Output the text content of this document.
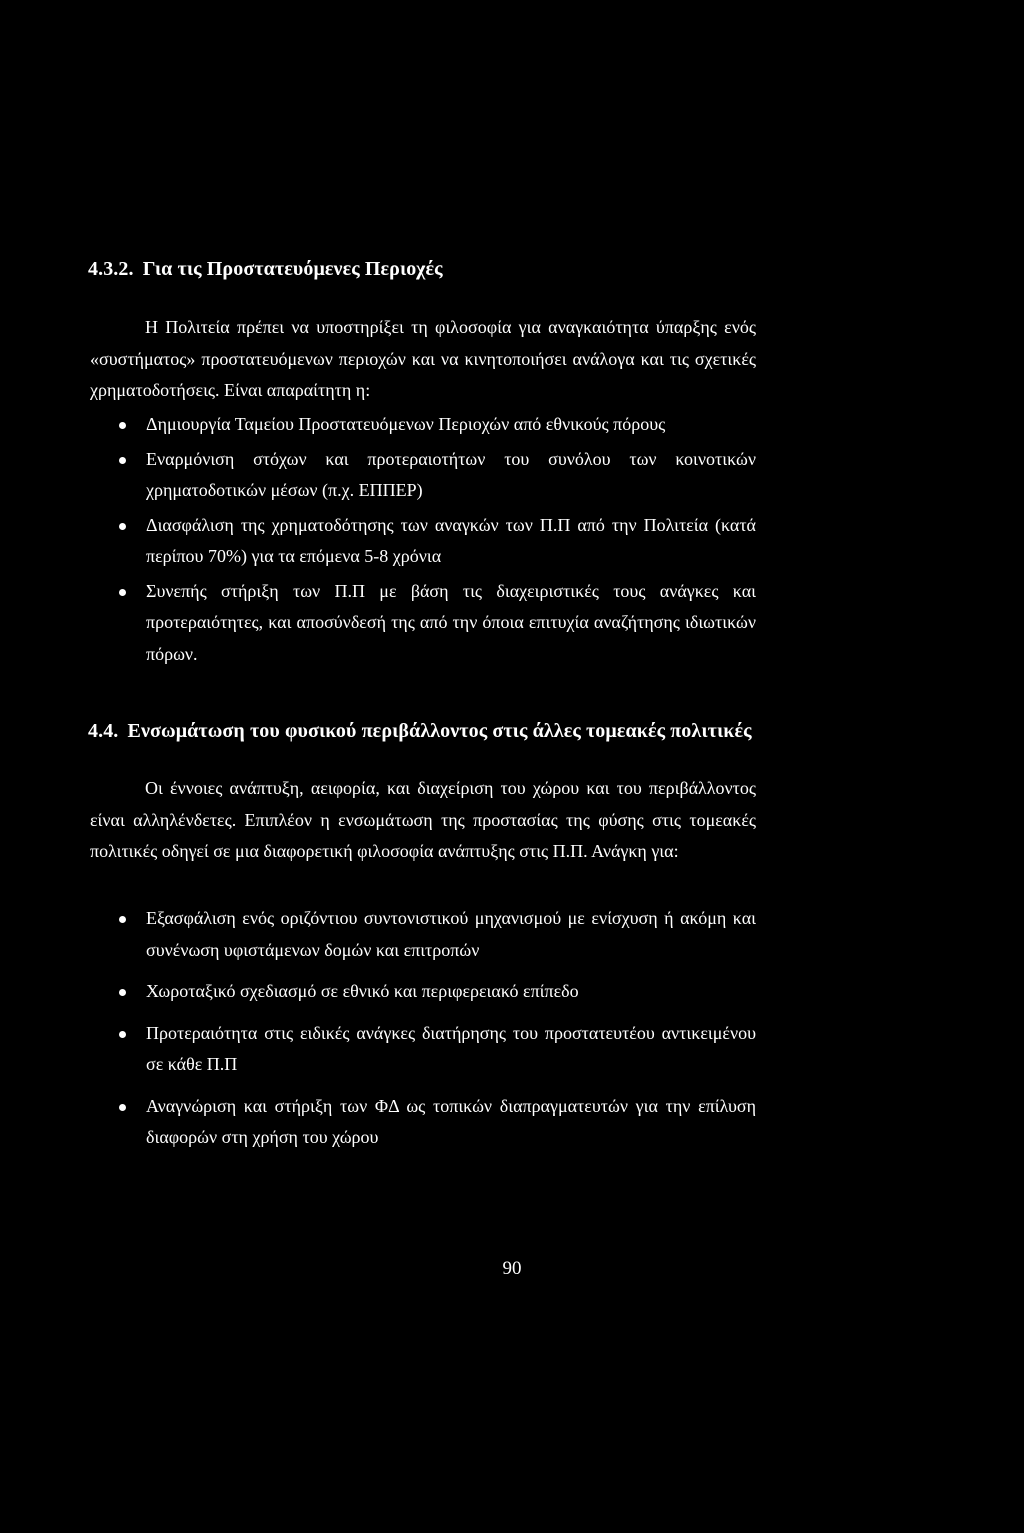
4.3.2. Για τις Προστατευόμενες Περιοχές
Η Πολιτεία πρέπει να υποστηρίξει τη φιλοσοφία για αναγκαιότητα ύπαρξης ενός «συστήματος» προστατευόμενων περιοχών και να κινητοποιήσει ανάλογα και τις σχετικές χρηματοδοτήσεις. Είναι απαραίτητη η:
Δημιουργία Ταμείου Προστατευόμενων Περιοχών από εθνικούς πόρους
Εναρμόνιση στόχων και προτεραιοτήτων του συνόλου των κοινοτικών χρηματοδοτικών μέσων (π.χ. ΕΠΠΕΡ)
Διασφάλιση της χρηματοδότησης των αναγκών των Π.Π από την Πολιτεία (κατά περίπου 70%) για τα επόμενα 5-8 χρόνια
Συνεπής στήριξη των Π.Π με βάση τις διαχειριστικές τους ανάγκες και προτεραιότητες, και αποσύνδεσή της από την όποια επιτυχία αναζήτησης ιδιωτικών πόρων.
4.4. Ενσωμάτωση του φυσικού περιβάλλοντος στις άλλες τομεακές πολιτικές
Οι έννοιες ανάπτυξη, αειφορία, και διαχείριση του χώρου και του περιβάλλοντος είναι αλληλένδετες. Επιπλέον η ενσωμάτωση της προστασίας της φύσης στις τομεακές πολιτικές οδηγεί σε μια διαφορετική φιλοσοφία ανάπτυξης στις Π.Π. Ανάγκη για:
Εξασφάλιση ενός οριζόντιου συντονιστικού μηχανισμού με ενίσχυση ή ακόμη και συνένωση υφιστάμενων δομών και επιτροπών
Χωροταξικό σχεδιασμό σε εθνικό και περιφερειακό επίπεδο
Προτεραιότητα στις ειδικές ανάγκες διατήρησης του προστατευτέου αντικειμένου σε κάθε Π.Π
Αναγνώριση και στήριξη των ΦΔ ως τοπικών διαπραγματευτών για την επίλυση διαφορών στη χρήση του χώρου
90
